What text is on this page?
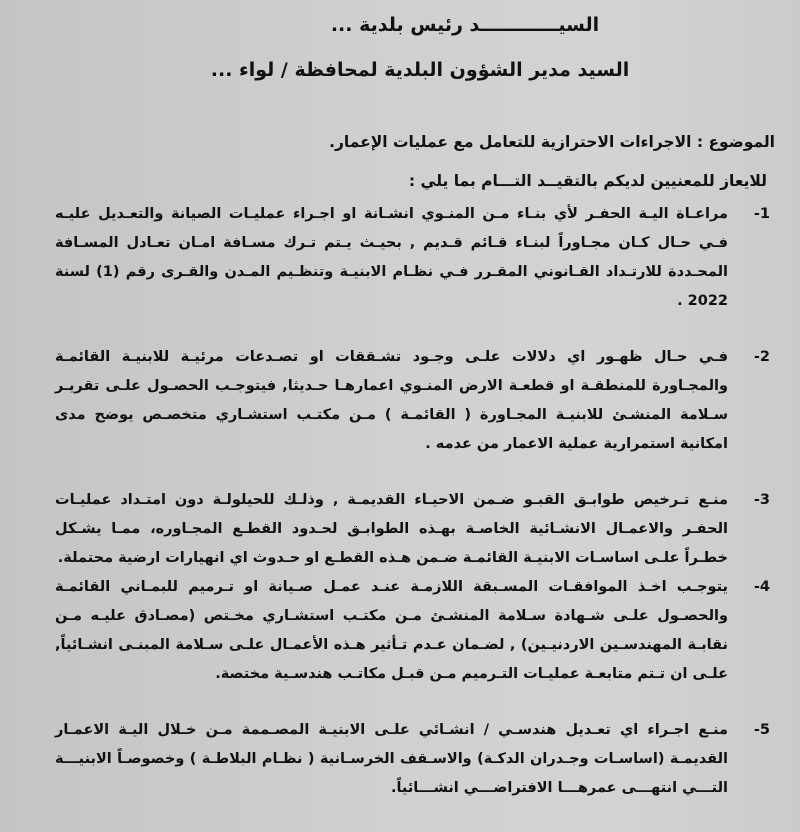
السيــــــــــــد رئيس بلدية ...
السيد مدير الشؤون البلدية لمحافظة / لواء ...
الموضوع : الاجراءات الاحترازية للتعامل مع عمليات الإعمار.
للايعاز للمعنيين لديكم بالتقيــد التـــام بما يلي :
1-
مراعـاة اليـة الحفـر لأي بنـاء مـن المنـوي انشـانة او اجـراء عمليـات الصيانة والتعـديل عليـه فـي حـال كـان مجـاوراً لبنـاء قـائم قـديم , بحيـث يـتم تـرك مسـافة امـان تعـادل المسـافة المحـددة للارتـداد القـانوني المقـرر فـي نظـام الابنيـة وتنظـيم المـدن والقـرى رقم (1) لسنة 2022 .
2-
فـي حـال ظهـور اي دلالات علـى وجـود تشـققات او تصـدعات مرئيـة للابنيـة القائمـة والمجـاورة للمنطقـة او قطعـة الارض المنـوي اعمارهـا حـديثا, فيتوجـب الحصـول علـى تقريـر سـلامة المنشـئ للابنيـة المجـاورة ( القائمـة ) مـن مكتـب استشـاري متخصـص يوضح مدى امكانية استمرارية عملية الاعمار من عدمه .
3-
منـع تـرخيص طوابـق القبـو ضـمن الاحيـاء القديمـة , وذلـك للحيلولـة دون امتـداد عمليـات الحفـر والاعمـال الانشـائية الخاصـة بهـذه الطوابـق لحـدود القطـع المجـاوره، ممـا يشـكل خطـراً علـى اساسـات الابنيـة القائمـة ضـمن هـذه القطـع او حـدوث اي انهيارات ارضية محتملة.
4-
يتوجـب اخـذ الموافقـات المسـبقة اللازمـة عنـد عمـل صـيانة او تـرميم للبمـاني القائمـة والحصـول علـى شـهادة سـلامة المنشـئ مـن مكتـب استشـاري مخـتص (مصـادق عليـه مـن نقابـة المهندسـين الاردنيـين) , لضـمان عـدم تـأثير هـذه الأعمـال علـى سـلامة المبنـى انشـائياً, علـى ان تـتم متابعـة عمليـات التـرميم مـن قبـل مكاتـب هندسـية مختصة.
5-
منـع اجـراء اي تعـديل هندسـي / انشـائي علـى الابنيـة المصـممة مـن خـلال اليـة الاعمـار القديمـة (اساسـات وجـدران الدكـة) والاسـقف الخرسـانية ( نظـام البلاطـة ) وخصوصـاً الابنيـــة التـــي انتهـــى عمرهـــا الافتراضـــي انشـــائياً.
